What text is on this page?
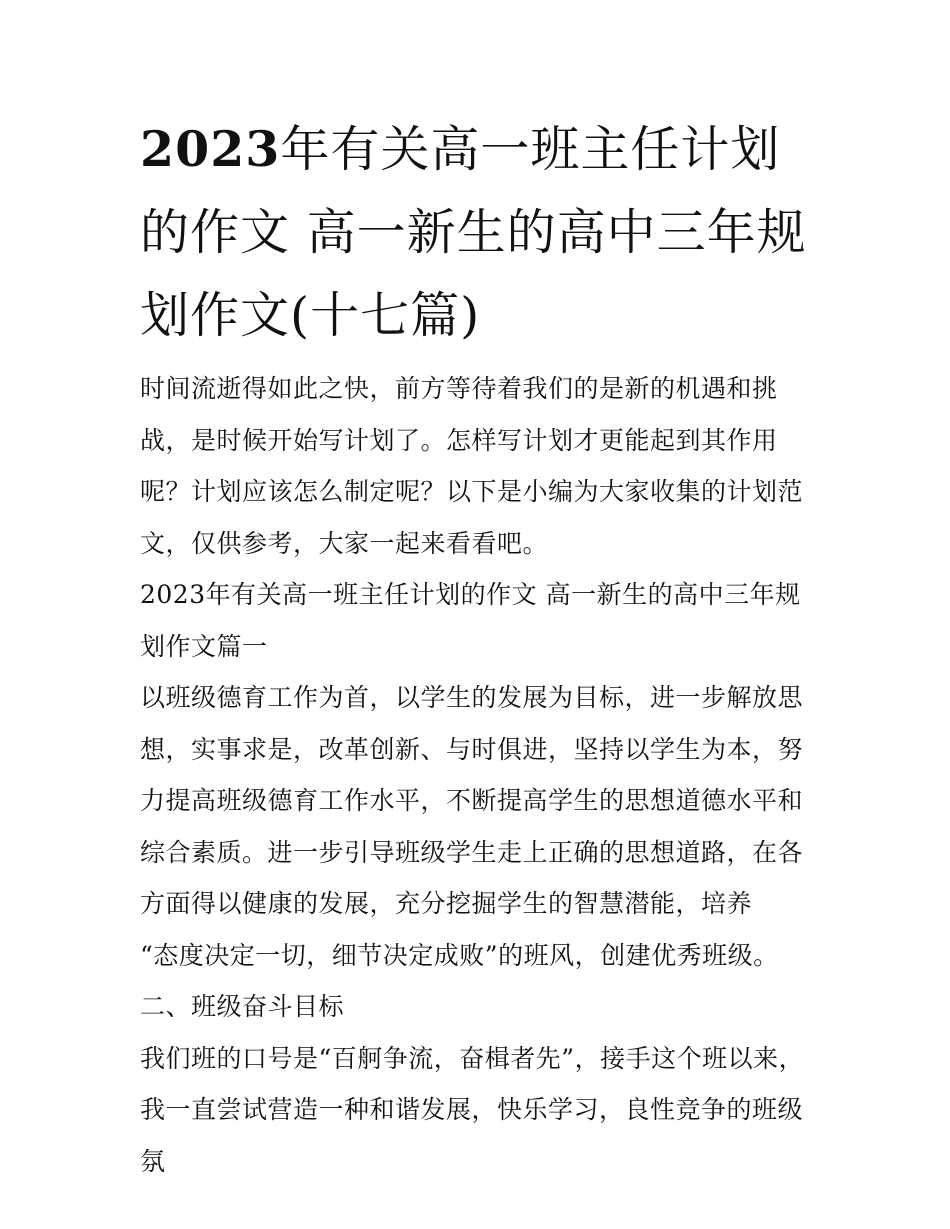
2023年有关高一班主任计划的作文 高一新生的高中三年规划作文(十七篇)

时间流逝得如此之快，前方等待着我们的是新的机遇和挑战，是时候开始写计划了。怎样写计划才更能起到其作用呢？计划应该怎么制定呢？以下是小编为大家收集的计划范文，仅供参考，大家一起来看看吧。

2023年有关高一班主任计划的作文 高一新生的高中三年规划作文篇一

以班级德育工作为首，以学生的发展为目标，进一步解放思想，实事求是，改革创新、与时俱进，坚持以学生为本，努力提高班级德育工作水平，不断提高学生的思想道德水平和综合素质。进一步引导班级学生走上正确的思想道路，在各方面得以健康的发展，充分挖掘学生的智慧潜能，培养

“态度决定一切，细节决定成败”的班风，创建优秀班级。

二、班级奋斗目标

我们班的口号是“百舸争流，奋楫者先”，接手这个班以来，我一直尝试营造一种和谐发展，快乐学习，良性竞争的班级氛
